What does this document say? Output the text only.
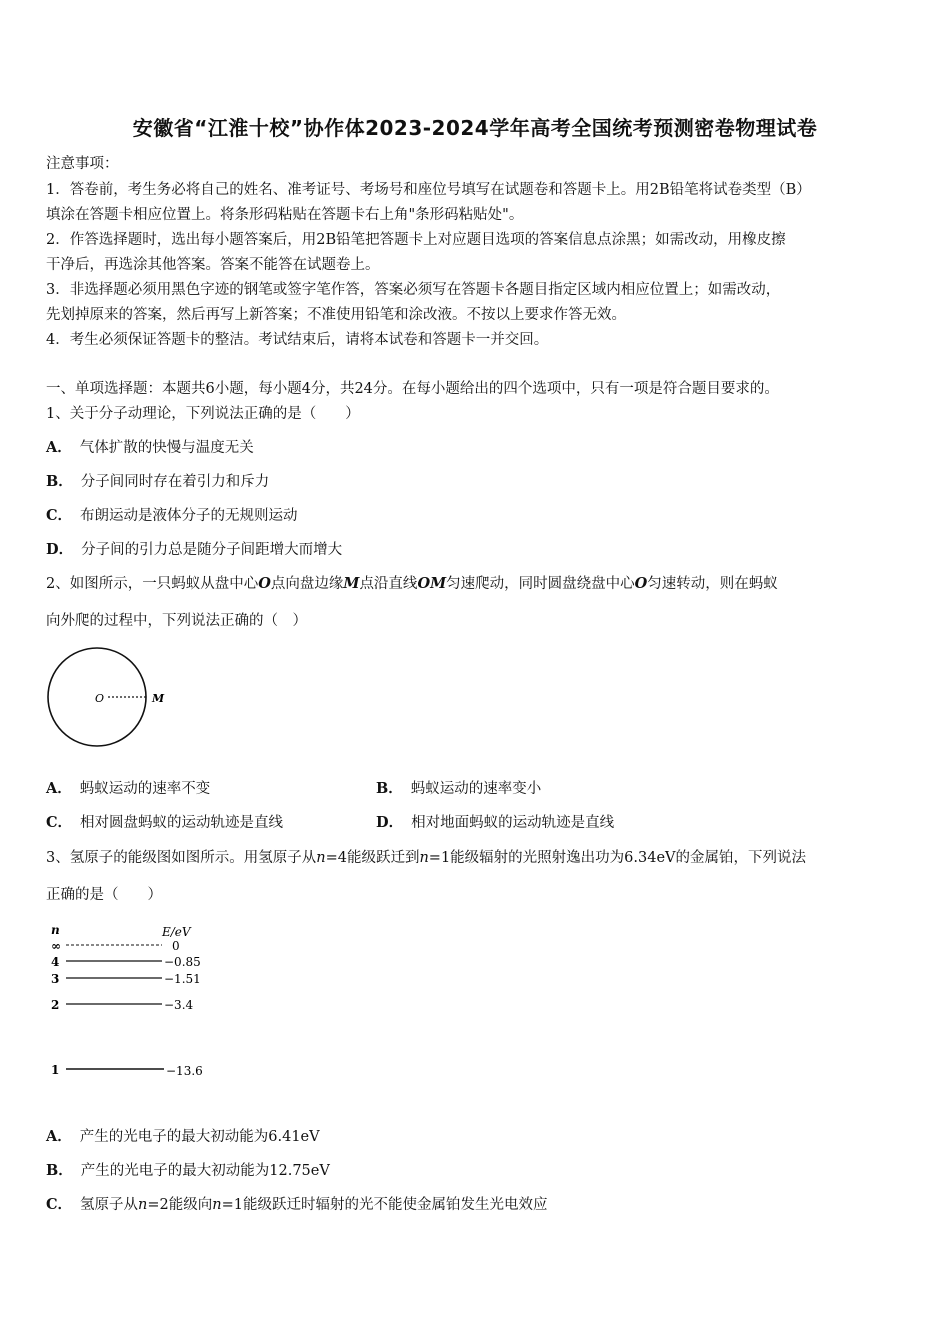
安徽省“江淮十校”协作体2023-2024学年高考全国统考预测密卷物理试卷
注意事项：
1．答卷前，考生务必将自己的姓名、准考证号、考场号和座位号填写在试题卷和答题卡上。用2B铅笔将试卷类型（B）
填涂在答题卡相应位置上。将条形码粘贴在答题卡右上角"条形码粘贴处"。
2．作答选择题时，选出每小题答案后，用2B铅笔把答题卡上对应题目选项的答案信息点涂黑；如需改动，用橡皮擦
干净后，再选涂其他答案。答案不能答在试题卷上。
3．非选择题必须用黑色字迹的钢笔或签字笔作答，答案必须写在答题卡各题目指定区域内相应位置上；如需改动，
先划掉原来的答案，然后再写上新答案；不准使用铅笔和涂改液。不按以上要求作答无效。
4．考生必须保证答题卡的整洁。考试结束后，请将本试卷和答题卡一并交回。
一、单项选择题：本题共6小题，每小题4分，共24分。在每小题给出的四个选项中，只有一项是符合题目要求的。
1、关于分子动理论，下列说法正确的是（　　）
A． 气体扩散的快慢与温度无关
B． 分子间同时存在着引力和斥力
C． 布朗运动是液体分子的无规则运动
D． 分子间的引力总是随分子间距增大而增大
2、如图所示，一只蚂蚁从盘中心O点向盘边缘M点沿直线OM匀速爬动，同时圆盘绕盘中心O匀速转动，则在蚂蚁
向外爬的过程中，下列说法正确的（　）
O	M
A． 蚂蚁运动的速率不变	B． 蚂蚁运动的速率变小
C． 相对圆盘蚂蚁的运动轨迹是直线	D． 相对地面蚂蚁的运动轨迹是直线
3、氢原子的能级图如图所示。用氢原子从n=4能级跃迁到n=1能级辐射的光照射逸出功为6.34eV的金属铂，下列说法
正确的是（　　）
n	E/eV
∞	0
4	−0.85
3	−1.51
2	−3.4
1	−13.6
A． 产生的光电子的最大初动能为6.41eV
B． 产生的光电子的最大初动能为12.75eV
C． 氢原子从n=2能级向n=1能级跃迁时辐射的光不能使金属铂发生光电效应
